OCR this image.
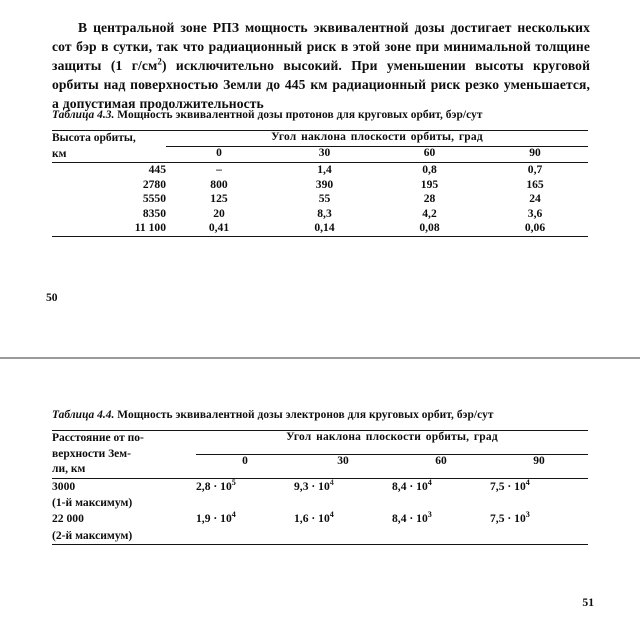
В центральной зоне РПЗ мощность эквивалентной дозы достигает нескольких сот бэр в сутки, так что радиационный риск в этой зоне при минимальной толщине защиты (1 $г/см^2$) исключительно высокий. При уменьшении высоты круговой орбиты над поверхностью Земли до 445 км радиационный риск резко уменьшается, а допустимая продолжительность

Таблица 4.3. Мощность эквивалентной дозы протонов для круговых орбит, бэр/сут
Высота орбиты,
км	Угол наклона плоскости орбиты, град			
	0	30	60	90
445	–	1,4	0,8	0,7
2780	800	390	195	165
5550	125	55	28	24
8350	20	8,3	4,2	3,6
11 100	0,41	0,14	0,08	0,06

50
Таблица 4.4. Мощность эквивалентной дозы электронов для круговых орбит, бэр/сут
Расстояние от по-
верхности Зем-
ли, км	Угол наклона плоскости орбиты, град			
	0	30	60	90
3000
(1-й максимум)	$2,8 \cdot 10^5$	$9,3 \cdot 10^4$	$8,4 \cdot 10^4$	$7,5 \cdot 10^4$
22 000
(2-й максимум)	$1,9 \cdot 10^4$	$1,6 \cdot 10^4$	$8,4 \cdot 10^3$	$7,5 \cdot 10^3$

51
